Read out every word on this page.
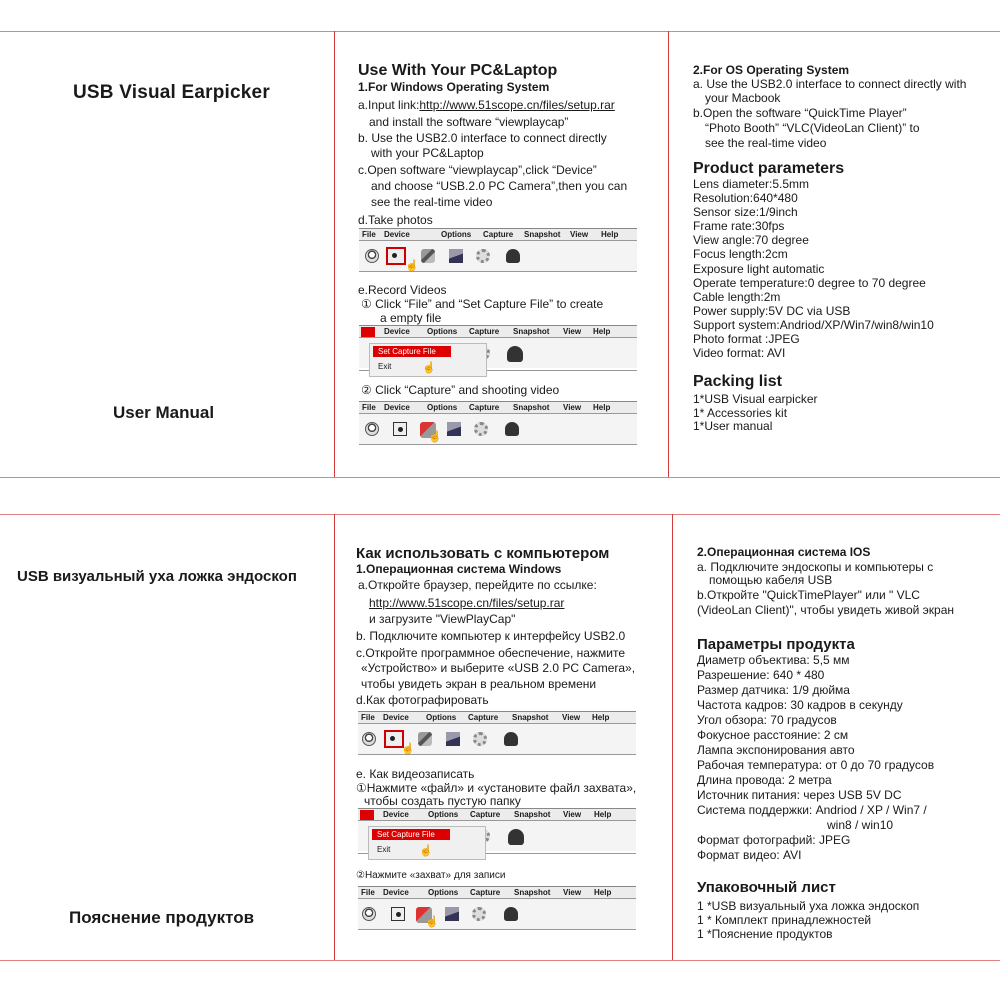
USB Visual Earpicker
User Manual
Use With Your PC&Laptop
1.For Windows Operating System
a.Input link:http://www.51scope.cn/files/setup.rar
and install the software “viewplaycap”
b. Use the USB2.0 interface to connect directly
with your PC&Laptop
c.Open software “viewplaycap”,click “Device”
and choose “USB.2.0 PC Camera”,then you can
see the real-time video
d.Take photos
File Device	Options Capture Snapshot View Help
☝
e.Record Videos
① Click “File” and “Set Capture File” to create
a empty file
File Device Options Capture Snapshot View Help
Set Capture File
Exit	☝
② Click “Capture” and shooting video
File Device Options Capture Snapshot View Help
☝
2.For OS Operating System
a. Use the USB2.0 interface to connect directly with
your Macbook
b.Open the software “QuickTime Player”
“Photo Booth” “VLC(VideoLan Client)” to
see the real-time video
Product parameters
Lens diameter:5.5mm
Resolution:640*480
Sensor size:1/9inch
Frame rate:30fps
View angle:70 degree
Focus length:2cm
Exposure light automatic
Operate temperature:0 degree to 70 degree
Cable length:2m
Power supply:5V DC via USB
Support system:Andriod/XP/Win7/win8/win10
Photo format :JPEG
Video format: AVI
Packing list
1*USB Visual earpicker
1* Accessories kit
1*User manual
USB визуальный уха ложка эндоскоп
Пояснение продуктов
Как использовать с компьютером
1.Операционная система Windows
a.Откройте браузер, перейдите по ссылке:
http://www.51scope.cn/files/setup.rar
и загрузите "ViewPlayCap"
b. Подключите компьютер к интерфейсу USB2.0
c.Откройте программное обеспечение, нажмите
«Устройство» и выберите «USB 2.0 PC Camera»,
чтобы увидеть экран в реальном времени
d.Как фотографировать
File Device Options Capture Snapshot View Help
☝
e. Как видеозаписать
①Нажмите «файл» и «установите файл захвата»,
чтобы создать пустую папку
File Device Options Capture Snapshot View Help
Set Capture File
Exit	☝
②Нажмите «захват» для записи
File Device Options Capture Snapshot View Help
☝
2.Операционная система IOS
a. Подключите эндоскопы и компьютеры с
помощью кабеля USB
b.Откройте "QuickTimePlayer" или " VLC
(VideoLan Client)", чтобы увидеть живой экран
Параметры продукта
Диаметр объектива: 5,5 мм
Разрешение: 640 * 480
Размер датчика: 1/9 дюйма
Частота кадров: 30 кадров в секунду
Угол обзора: 70 градусов
Фокусное расстояние: 2 см
Лампа экспонирования авто
Рабочая температура: от 0 до 70 градусов
Длина провода: 2 метра
Источник питания: через USB 5V DC
Система поддержки: Andriod / XP / Win7 /
win8 / win10
Формат фотографий: JPEG
Формат видео: AVI
Упаковочный лист
1 *USB визуальный уха ложка эндоскоп
1 * Комплект принадлежностей
1 *Пояснение продуктов
